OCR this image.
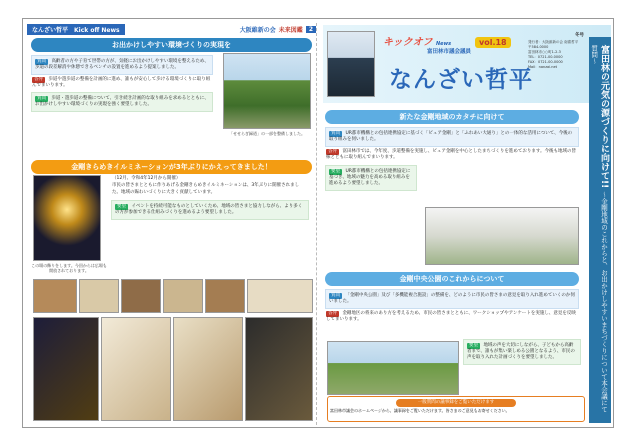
なんざい哲平　Kick off News	大阪維新の会 未来図鑑	2
お出かけしやすい環境づくりの実現を
質問 高齢者の方や子育て世帯の方が、気軽にお出かけしやすい環境を整えるため、歩道の段差解消や休憩できるベンチの設置を進めるよう提案しました。
答弁 歩道や遊歩道の整備を計画的に進め、誰もが安心して歩ける環境づくりに取り組んでまいります。
質問 歩道・遊歩道の整備について、引き続き計画的な取り組みを求めるとともに、お出かけしやすい環境づくりの実現を強く要望しました。
「せせらぎ緑道」の一部を整備しました。
金剛きらめきイルミネーションが3年ぶりにかえってきました！
この場の飾りをします。今回からは広場も開放されております。
（12月、令和4年12月から開催）
市民の皆さまとともに作りあげる金剛きらめきイルミネーションは、3年ぶりに開催されました。地域の賑わいづくりに大きく貢献しています。
要望 イベントを持続可能なものとしていくため、地域の皆さまと協力しながら、より多くの方が参加できる仕組みづくりを進めるよう要望しました。
キックオフ News
富田林市議会議員
vol.18
なんざい哲平
冬号
発行者：大阪維新の会 南齋哲平
〒584-0000
富田林市○○町1-2-3
TEL：0721-00-0000
FAX：0721-00-0000
Mail：nanzai.net
新たな金剛地域のカタチに向けて
質問 UR都市機構との包括連携協定に基づく「ビュア金剛」と「ふれあい大通り」との一体的な活用について、今後の取り組みを伺いました。
答弁 富田林市では、今年度、歩道整備を実施し、ビュア金剛を中心としたまちづくりを進めております。今後も地域の皆様とともに取り組んでまいります。
要望 UR都市機構との包括連携協定に基づき、地域の魅力を高める取り組みを進めるよう要望しました。
金剛中央公園のこれからについて
質問 「金剛中央公園」及び「多機能複合施設」の整備を、どのように市民の皆さまの意見を取り入れ進めていくのか伺いました。
答弁 金剛地区の将来のあり方を考えるため、市民の皆さまとともに、ワークショップやアンケートを実施し、意見を反映してまいります。
要望 地域の声を大切にしながら、子どもから高齢者まで、誰もが集い楽しめる公園となるよう、市民の声を取り入れた計画づくりを要望しました。
一般質問の議事録をご覧いただけます
富田林市議会のホームページから、議事録をご覧いただけます。皆さまのご意見もお寄せください。
富田林の元気の源づくりに向けて!! 〜金剛地域のこれからと、お出かけしやすいまちづくりについて本会議にて質問〜
